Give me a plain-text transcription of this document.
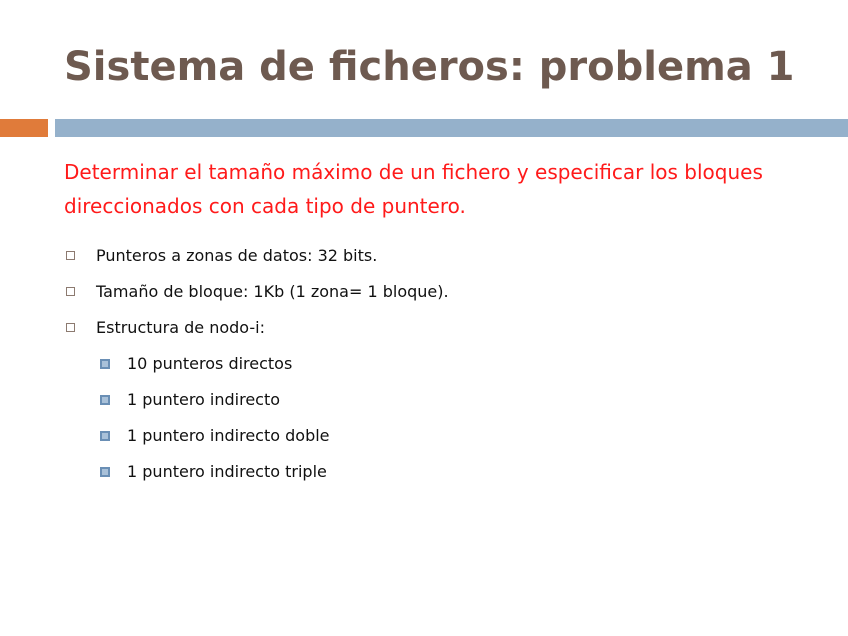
Sistema de ficheros: problema 1

Determinar el tamaño máximo de un fichero y especificar los bloques direccionados con cada tipo de puntero.

Punteros a zonas de datos: 32 bits.
Tamaño de bloque: 1Kb (1 zona= 1 bloque).
Estructura de nodo-i:
10 punteros directos
1 puntero indirecto
1 puntero indirecto doble
1 puntero indirecto triple
